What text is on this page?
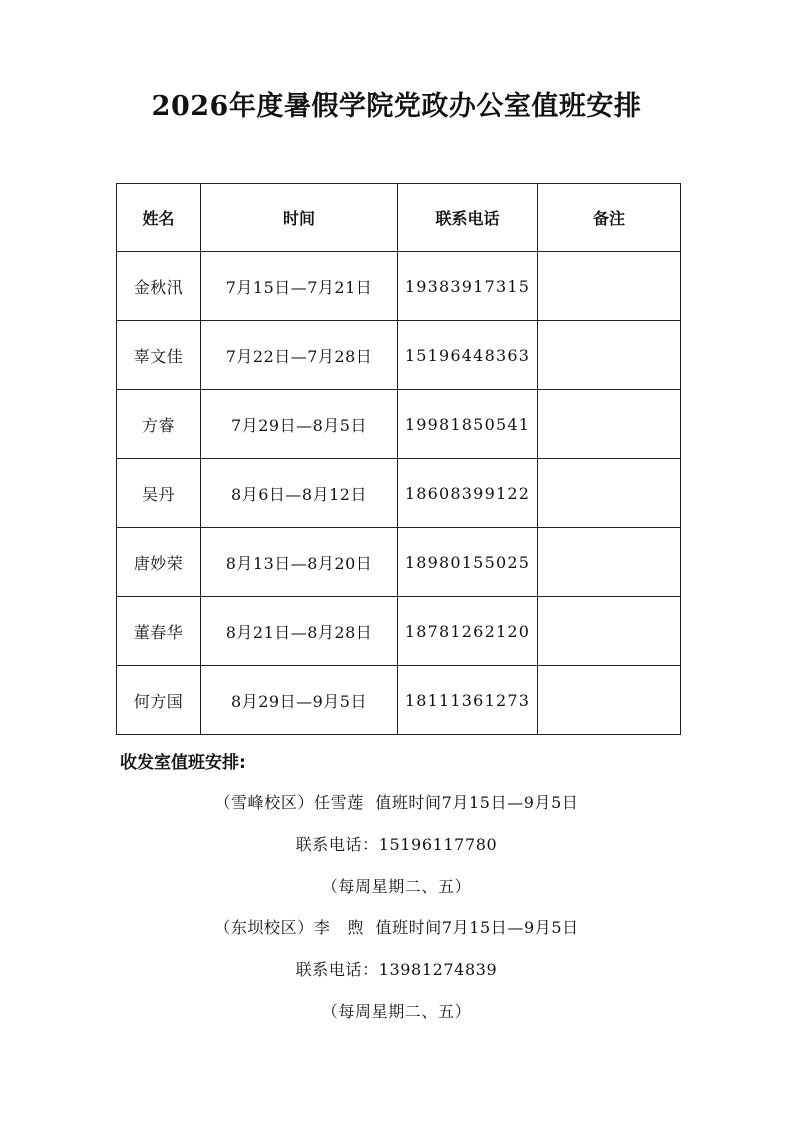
2026年度暑假学院党政办公室值班安排
姓名	时间	联系电话	备注
金秋汛	7月15日—7月21日	19383917315	
辜文佳	7月22日—7月28日	15196448363	
方睿	7月29日—8月5日	19981850541	
吴丹	8月6日—8月12日	18608399122	
唐妙荣	8月13日—8月20日	18980155025	
董春华	8月21日—8月28日	18781262120	
何方国	8月29日—9月5日	18111361273	
收发室值班安排:
（雪峰校区）任雪莲  值班时间7月15日—9月5日
联系电话：15196117780
（每周星期二、五）
（东坝校区）李   煦  值班时间7月15日—9月5日
联系电话：13981274839
（每周星期二、五）
